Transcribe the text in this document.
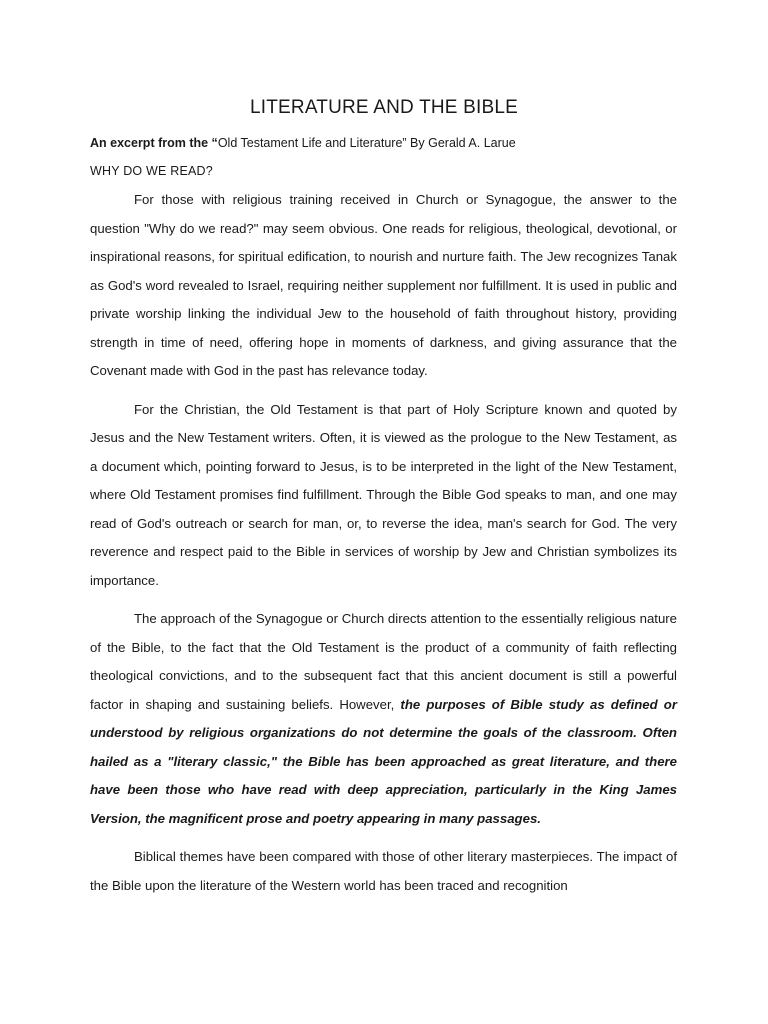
LITERATURE AND THE BIBLE

An excerpt from the “Old Testament Life and Literature” By Gerald A. Larue

WHY DO WE READ?

For those with religious training received in Church or Synagogue, the answer to the question "Why do we read?" may seem obvious. One reads for religious, theological, devotional, or inspirational reasons, for spiritual edification, to nourish and nurture faith. The Jew recognizes Tanak as God's word revealed to Israel, requiring neither supplement nor fulfillment. It is used in public and private worship linking the individual Jew to the household of faith throughout history, providing strength in time of need, offering hope in moments of darkness, and giving assurance that the Covenant made with God in the past has relevance today.

For the Christian, the Old Testament is that part of Holy Scripture known and quoted by Jesus and the New Testament writers. Often, it is viewed as the prologue to the New Testament, as a document which, pointing forward to Jesus, is to be interpreted in the light of the New Testament, where Old Testament promises find fulfillment. Through the Bible God speaks to man, and one may read of God's outreach or search for man, or, to reverse the idea, man's search for God. The very reverence and respect paid to the Bible in services of worship by Jew and Christian symbolizes its importance.

The approach of the Synagogue or Church directs attention to the essentially religious nature of the Bible, to the fact that the Old Testament is the product of a community of faith reflecting theological convictions, and to the subsequent fact that this ancient document is still a powerful factor in shaping and sustaining beliefs. However, the purposes of Bible study as defined or understood by religious organizations do not determine the goals of the classroom. Often hailed as a "literary classic," the Bible has been approached as great literature, and there have been those who have read with deep appreciation, particularly in the King James Version, the magnificent prose and poetry appearing in many passages.

Biblical themes have been compared with those of other literary masterpieces. The impact of the Bible upon the literature of the Western world has been traced and recognition
